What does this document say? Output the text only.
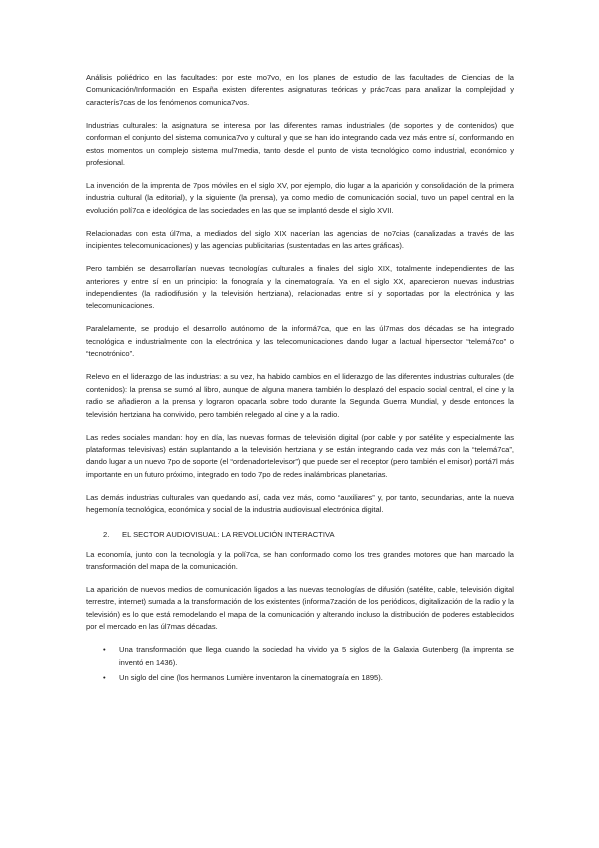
Análisis poliédrico en las facultades: por este mo7vo, en los planes de estudio de las facultades de Ciencias de la Comunicación/Información en España existen diferentes asignaturas teóricas y prác7cas para analizar la complejidad y caracterís7cas de los fenómenos comunica7vos.

Industrias culturales: la asignatura se interesa por las diferentes ramas industriales (de soportes y de contenidos) que conforman el conjunto del sistema comunica7vo y cultural y que se han ido integrando cada vez más entre sí, conformando en estos momentos un complejo sistema mul7media, tanto desde el punto de vista tecnológico como industrial, económico y profesional.

La invención de la imprenta de 7pos móviles en el siglo XV, por ejemplo, dio lugar a la aparición y consolidación de la primera industria cultural (la editorial), y la siguiente (la prensa), ya como medio de comunicación social, tuvo un papel central en la evolución polí7ca e ideológica de las sociedades en las que se implantó desde el siglo XVII.

Relacionadas con esta úl7ma, a mediados del siglo XIX nacerían las agencias de no7cias (canalizadas a través de las incipientes telecomunicaciones) y las agencias publicitarias (sustentadas en las artes gráficas).

Pero también se desarrollarían nuevas tecnologías culturales a finales del siglo XIX, totalmente independientes de las anteriores y entre sí en un principio: la fonograía y la cinematograía. Ya en el siglo XX, aparecieron nuevas industrias independientes (la radiodifusión y la televisión hertziana), relacionadas entre sí y soportadas por la electrónica y las telecomunicaciones.

Paralelamente, se produjo el desarrollo autónomo de la informá7ca, que en las úl7mas dos décadas se ha integrado tecnológica e industrialmente con la electrónica y las telecomunicaciones dando lugar a lactual hipersector “telemá7co” o “tecnotrónico”.

Relevo en el liderazgo de las industrias: a su vez, ha habido cambios en el liderazgo de las diferentes industrias culturales (de contenidos): la prensa se sumó al libro, aunque de alguna manera también lo desplazó del espacio social central, el cine y la radio se añadieron a la prensa y lograron opacarla sobre todo durante la Segunda Guerra Mundial, y desde entonces la televisión hertziana ha convivido, pero también relegado al cine y a la radio.

Las redes sociales mandan: hoy en día, las nuevas formas de televisión digital (por cable y por satélite y especialmente las plataformas televisivas) están suplantando a la televisión hertziana y se están integrando cada vez más con la “telemá7ca”, dando lugar a un nuevo 7po de soporte (el “ordenadortelevisor”) que puede ser el receptor (pero también el emisor) portá7l más importante en un futuro próximo, integrado en todo 7po de redes inalámbricas planetarias.

Las demás industrias culturales van quedando así, cada vez más, como “auxiliares” y, por tanto, secundarias, ante la nueva hegemonía tecnológica, económica y social de la industria audiovisual electrónica digital.

2. EL SECTOR AUDIOVISUAL: LA REVOLUCIÓN INTERACTIVA

La economía, junto con la tecnología y la polí7ca, se han conformado como los tres grandes motores que han marcado la transformación del mapa de la comunicación.

La aparición de nuevos medios de comunicación ligados a las nuevas tecnologías de difusión (satélite, cable, televisión digital terrestre, internet) sumada a la transformación de los existentes (informa7zación de los periódicos, digitalización de la radio y la televisión) es lo que está remodelando el mapa de la comunicación y alterando incluso la distribución de poderes establecidos por el mercado en las úl7mas décadas.

• Una transformación que llega cuando la sociedad ha vivido ya 5 siglos de la Galaxia Gutenberg (la imprenta se inventó en 1436).
• Un siglo del cine (los hermanos Lumière inventaron la cinematograía en 1895).
